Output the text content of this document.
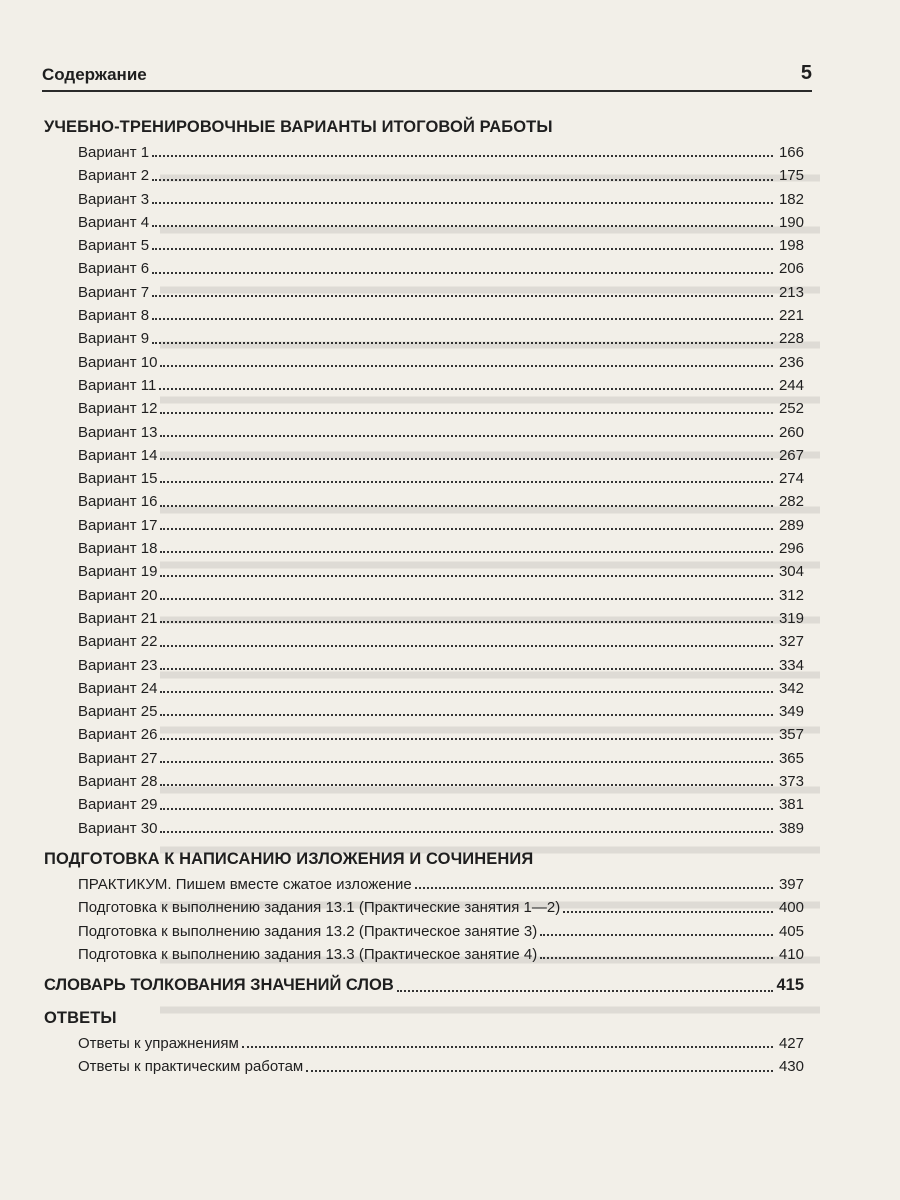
Содержание	5
УЧЕБНО-ТРЕНИРОВОЧНЫЕ ВАРИАНТЫ ИТОГОВОЙ РАБОТЫ
Вариант 1	166
Вариант 2	175
Вариант 3	182
Вариант 4	190
Вариант 5	198
Вариант 6	206
Вариант 7	213
Вариант 8	221
Вариант 9	228
Вариант 10	236
Вариант 11	244
Вариант 12	252
Вариант 13	260
Вариант 14	267
Вариант 15	274
Вариант 16	282
Вариант 17	289
Вариант 18	296
Вариант 19	304
Вариант 20	312
Вариант 21	319
Вариант 22	327
Вариант 23	334
Вариант 24	342
Вариант 25	349
Вариант 26	357
Вариант 27	365
Вариант 28	373
Вариант 29	381
Вариант 30	389
ПОДГОТОВКА К НАПИСАНИЮ ИЗЛОЖЕНИЯ И СОЧИНЕНИЯ
ПРАКТИКУМ. Пишем вместе сжатое изложение	397
Подготовка к выполнению задания 13.1 (Практические занятия 1—2)	400
Подготовка к выполнению задания 13.2 (Практическое занятие 3)	405
Подготовка к выполнению задания 13.3 (Практическое занятие 4)	410
СЛОВАРЬ ТОЛКОВАНИЯ ЗНАЧЕНИЙ СЛОВ	415
ОТВЕТЫ
Ответы к упражнениям	427
Ответы к практическим работам	430
